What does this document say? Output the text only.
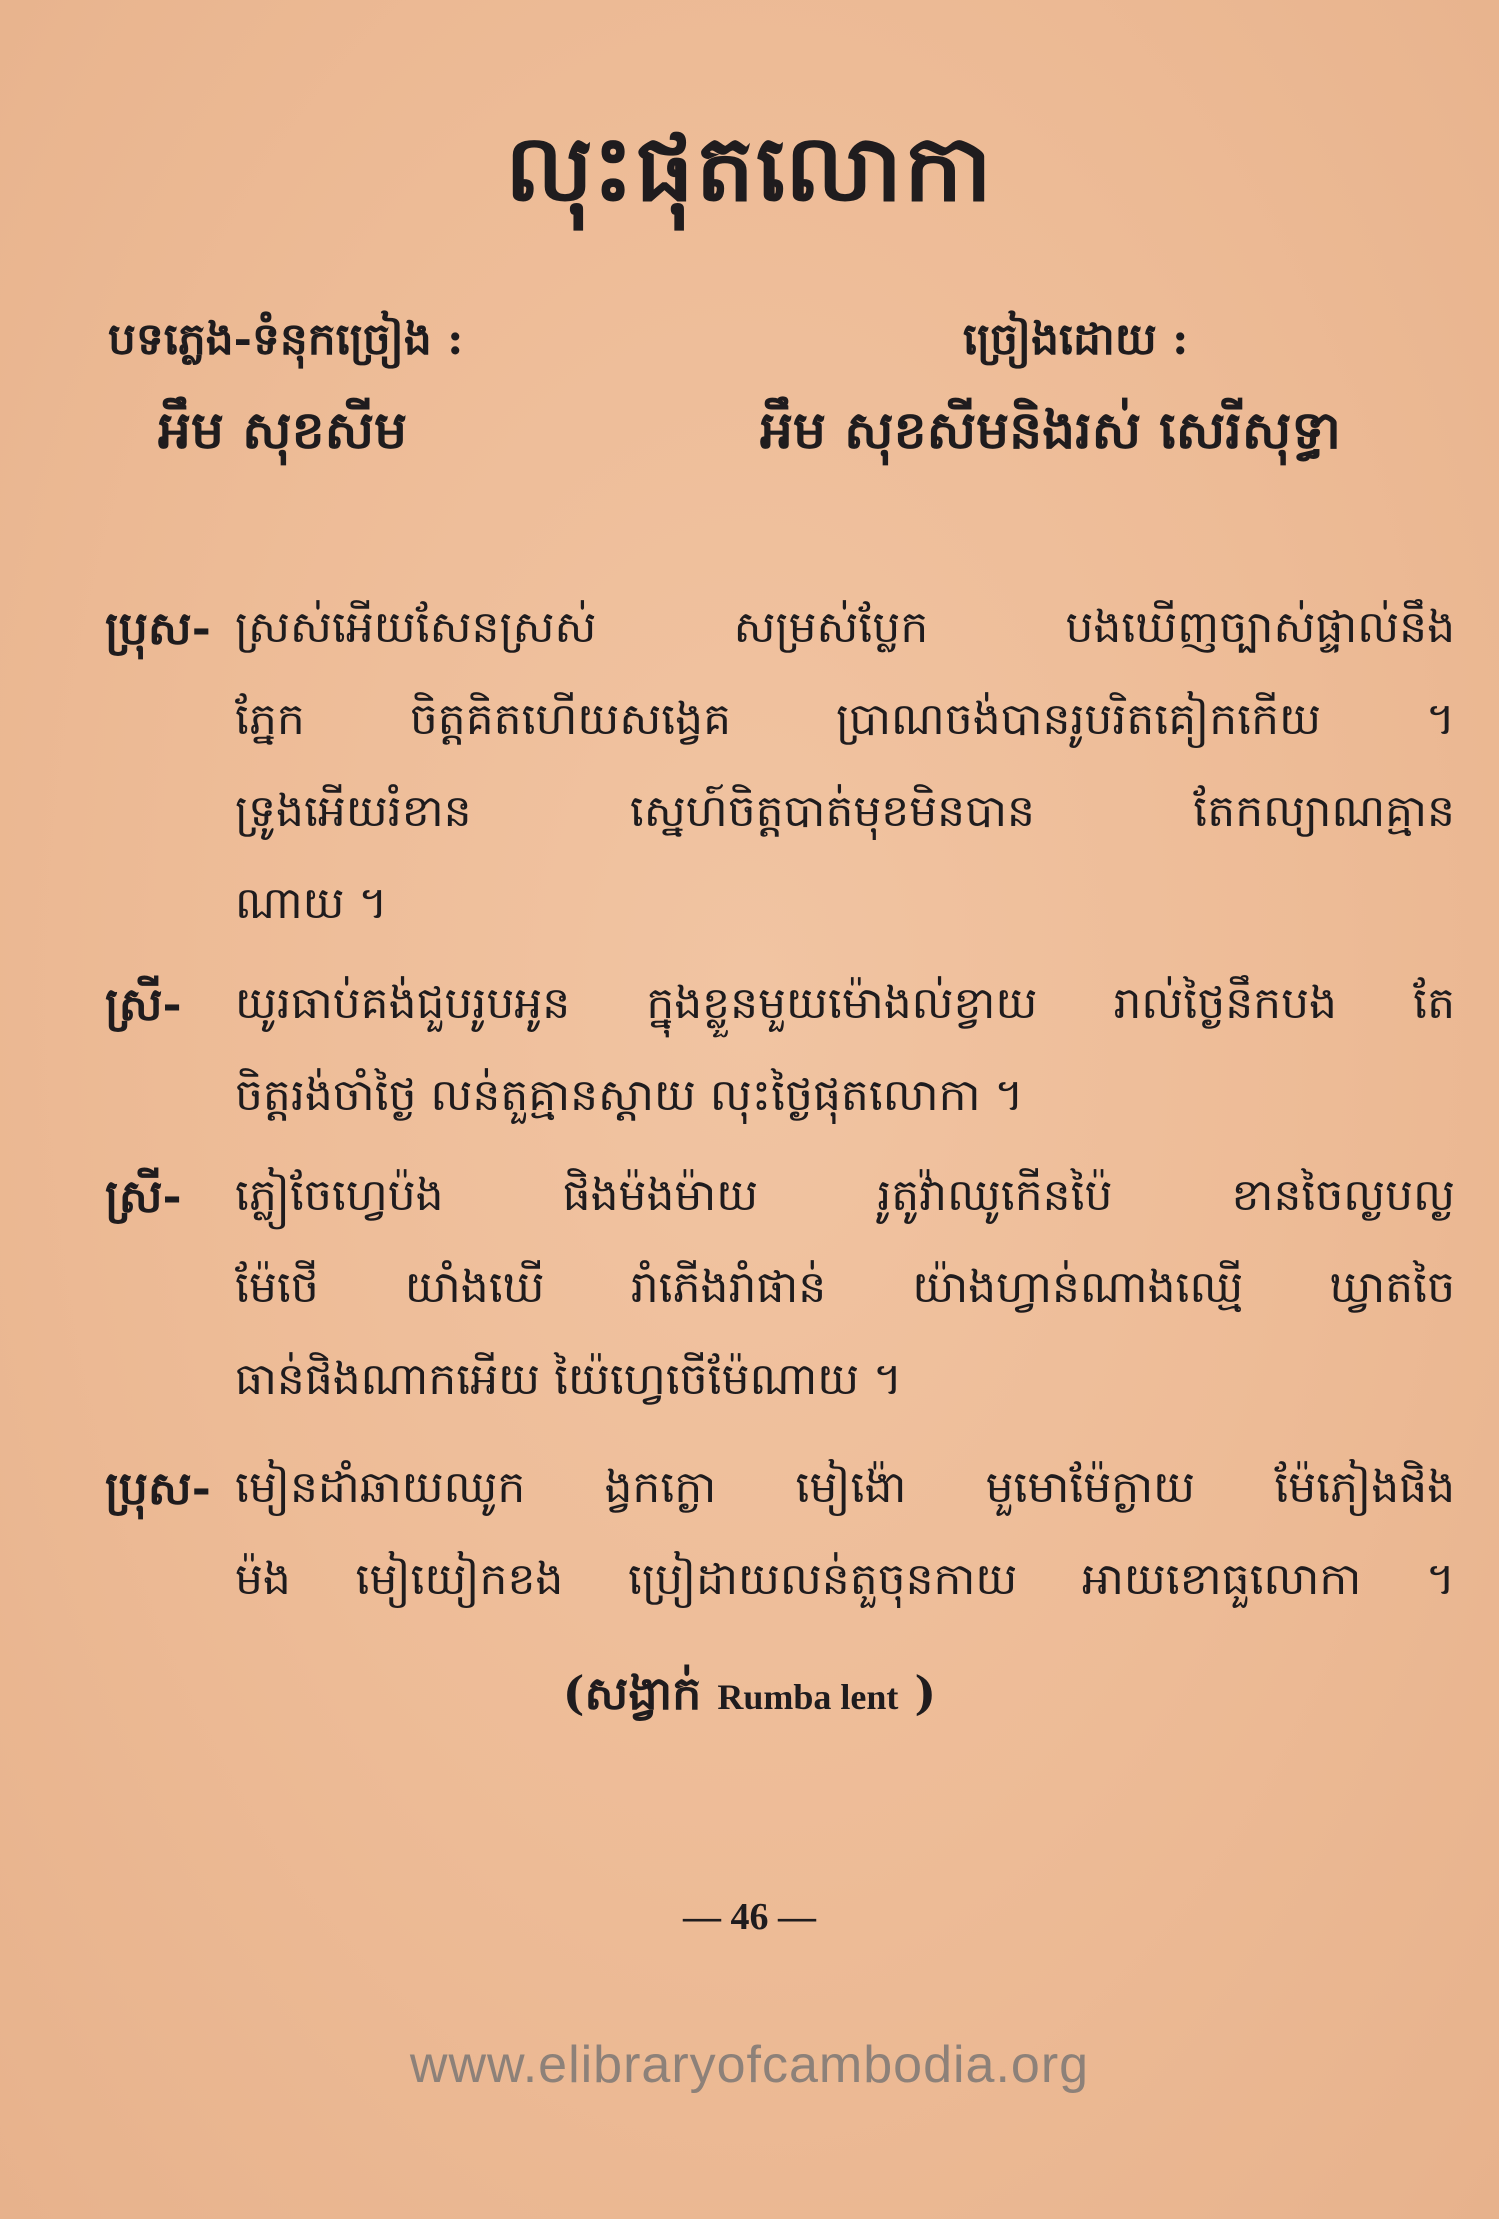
លុះផុតលោកា
បទភ្លេង-ទំនុកច្រៀង :
អឹម សុខសីម
ច្រៀងដោយ :
អឹម សុខសីមនិងរស់ សេរីសុទ្ធា
ប្រុស- ស្រស់អើយសែនស្រស់ សម្រស់ប្លែក បងឃើញច្បាស់ផ្ទាល់នឹង
ភ្នែក ចិត្តគិតហើយសង្វេគ ប្រាណចង់បានរូបរិតគៀកកើយ ។
ទ្រូងអើយរំខាន ស្នេហ៍ចិត្តបាត់មុខមិនបាន តែកល្យាណគ្មាន
ណាយ ។
ស្រី- យូរធាប់គង់ជួបរូបអូន ក្នុងខ្លួនមួយម៉ោងល់ខ្វាយ រាល់ថ្ងៃនឹកបង តែ
ចិត្តរង់ចាំថ្ងៃ លន់តួគ្មានស្ដាយ លុះថ្ងៃផុតលោកា ។
ស្រី- ភ្លៀចែហ្វេប៉ង ផិងម៉ងម៉ាយ រូតូវ៉ាឈូកើនប៉ៃ ខានចៃល្ងបល្ង
ម៉ែថើ យាំងឃើ រាំភើងរាំផាន់ យ៉ាងហ្វាន់ណាងឈ្មើ ឃ្វាតចៃ
ធាន់ផិងណាកអើយ យ៉ៃហ្វេចើម៉ែណាយ ។
ប្រុស- មៀនដាំឆាយឈូក ង្វកក្ងោ មៀង៉ោ មួមោម៉ែក្ងាយ ម៉ែភៀងផិង
ម៉ង មៀយៀកខង ប្រៀដាយលន់តួចុនកាយ អាយខោធួលោកា ។
(សង្វាក់ Rumba lent )
— 46 —
www.elibraryofcambodia.org
